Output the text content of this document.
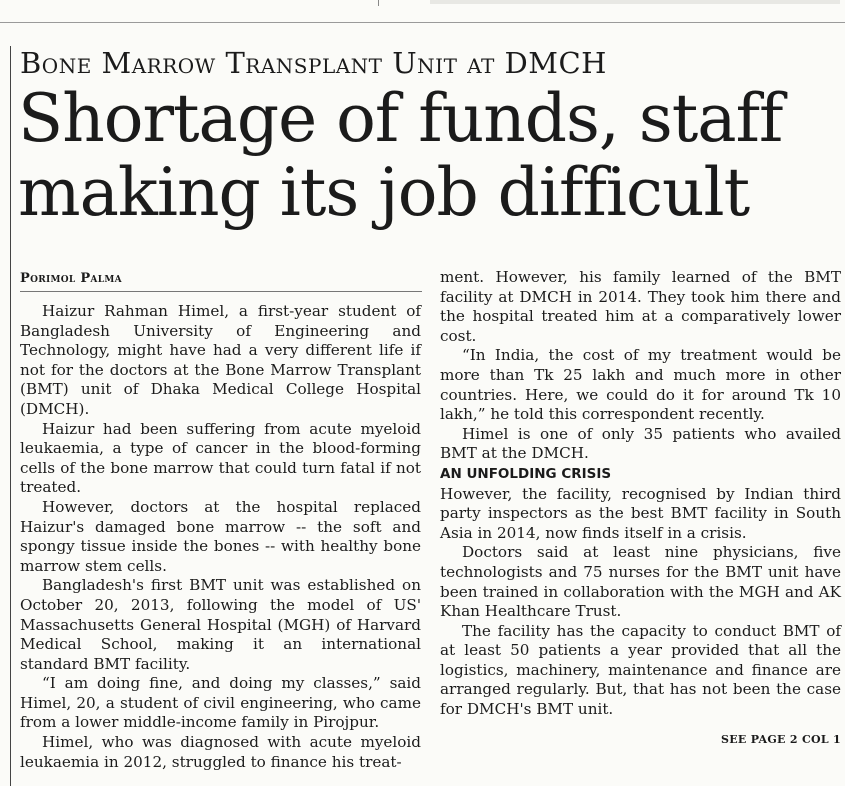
Bone Marrow Transplant Unit at DMCH
Shortage of funds, staff making its job difficult
Porimol Palma

Haizur Rahman Himel, a first-year student of Bangladesh University of Engineering and Technology, might have had a very different life if not for the doctors at the Bone Marrow Transplant (BMT) unit of Dhaka Medical College Hospital (DMCH).

Haizur had been suffering from acute myeloid leukaemia, a type of cancer in the blood-forming cells of the bone marrow that could turn fatal if not treated.

However, doctors at the hospital replaced Haizur's damaged bone marrow -- the soft and spongy tissue inside the bones -- with healthy bone marrow stem cells.

Bangladesh's first BMT unit was established on October 20, 2013, following the model of US' Massachusetts General Hospital (MGH) of Harvard Medical School, making it an international standard BMT facility.

“I am doing fine, and doing my classes,” said Himel, 20, a student of civil engineering, who came from a lower middle-income family in Pirojpur.

Himel, who was diagnosed with acute myeloid leukaemia in 2012, struggled to finance his treat-

ment. However, his family learned of the BMT facility at DMCH in 2014. They took him there and the hospital treated him at a comparatively lower cost.

“In India, the cost of my treatment would be more than Tk 25 lakh and much more in other countries. Here, we could do it for around Tk 10 lakh,” he told this correspondent recently.

Himel is one of only 35 patients who availed BMT at the DMCH.

AN UNFOLDING CRISIS

However, the facility, recognised by Indian third party inspectors as the best BMT facility in South Asia in 2014, now finds itself in a crisis.

Doctors said at least nine physicians, five technologists and 75 nurses for the BMT unit have been trained in collaboration with the MGH and AK Khan Healthcare Trust.

The facility has the capacity to conduct BMT of at least 50 patients a year provided that all the logistics, machinery, maintenance and finance are arranged regularly. But, that has not been the case for DMCH's BMT unit.

SEE PAGE 2 COL 1
